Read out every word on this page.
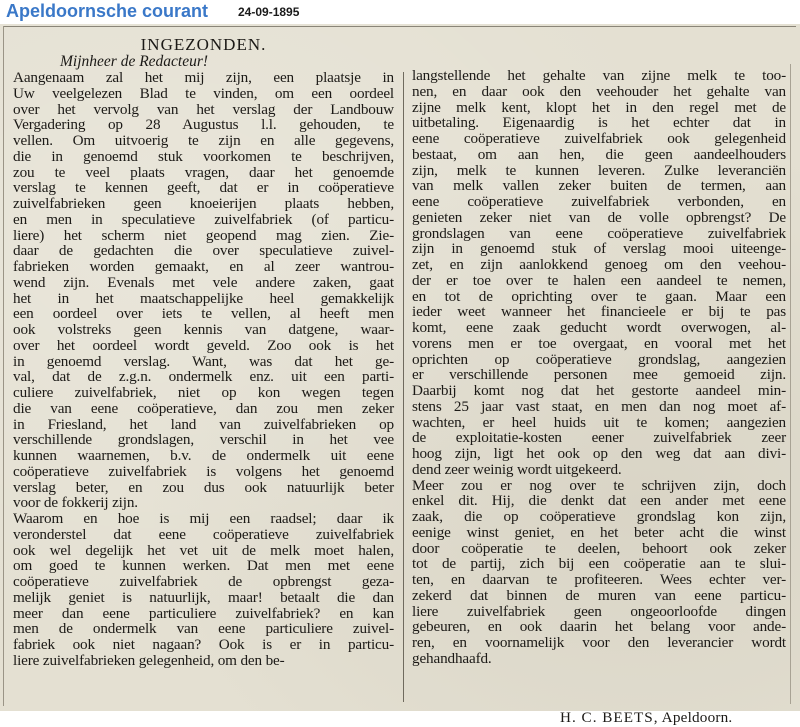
Apeldoornsche courant 24-09-1895
INGEZONDEN.
Mijnheer de Redacteur!
Aangenaam zal het mij zijn, een plaatsje in
Uw veelgelezen Blad te vinden, om een oordeel
over het vervolg van het verslag der Landbouw
Vergadering op 28 Augustus l.l. gehouden, te
vellen. Om uitvoerig te zijn en alle gegevens,
die in genoemd stuk voorkomen te beschrijven,
zou te veel plaats vragen, daar het genoemde
verslag te kennen geeft, dat er in coöperatieve
zuivelfabrieken geen knoeierijen plaats hebben,
en men in speculatieve zuivelfabriek (of particu-
liere) het scherm niet geopend mag zien. Zie-
daar de gedachten die over speculatieve zuivel-
fabrieken worden gemaakt, en al zeer wantrou-
wend zijn. Evenals met vele andere zaken, gaat
het in het maatschappelijke heel gemakkelijk
een oordeel over iets te vellen, al heeft men
ook volstreks geen kennis van datgene, waar-
over het oordeel wordt geveld. Zoo ook is het
in genoemd verslag. Want, was dat het ge-
val, dat de z.g.n. ondermelk enz. uit een parti-
culiere zuivelfabriek, niet op kon wegen tegen
die van eene coöperatieve, dan zou men zeker
in Friesland, het land van zuivelfabrieken op
verschillende grondslagen, verschil in het vee
kunnen waarnemen, b.v. de ondermelk uit eene
coöperatieve zuivelfabriek is volgens het genoemd
verslag beter, en zou dus ook natuurlijk beter
voor de fokkerij zijn.
Waarom en hoe is mij een raadsel; daar ik
veronderstel dat eene coöperatieve zuivelfabriek
ook wel degelijk het vet uit de melk moet halen,
om goed te kunnen werken. Dat men met eene
coöperatieve zuivelfabriek de opbrengst geza-
melijk geniet is natuurlijk, maar! betaalt die dan
meer dan eene particuliere zuivelfabriek? en kan
men de ondermelk van eene particuliere zuivel-
fabriek ook niet nagaan? Ook is er in particu-
liere zuivelfabrieken gelegenheid, om den be-
langstellende het gehalte van zijne melk te too-
nen, en daar ook den veehouder het gehalte van
zijne melk kent, klopt het in den regel met de
uitbetaling. Eigenaardig is het echter dat in
eene coöperatieve zuivelfabriek ook gelegenheid
bestaat, om aan hen, die geen aandeelhouders
zijn, melk te kunnen leveren. Zulke leveranciën
van melk vallen zeker buiten de termen, aan
eene coöperatieve zuivelfabriek verbonden, en
genieten zeker niet van de volle opbrengst? De
grondslagen van eene coöperatieve zuivelfabriek
zijn in genoemd stuk of verslag mooi uiteenge-
zet, en zijn aanlokkend genoeg om den veehou-
der er toe over te halen een aandeel te nemen,
en tot de oprichting over te gaan. Maar een
ieder weet wanneer het financieele er bij te pas
komt, eene zaak geducht wordt overwogen, al-
vorens men er toe overgaat, en vooral met het
oprichten op coöperatieve grondslag, aangezien
er verschillende personen mee gemoeid zijn.
Daarbij komt nog dat het gestorte aandeel min-
stens 25 jaar vast staat, en men dan nog moet af-
wachten, er heel huids uit te komen; aangezien
de exploitatie-kosten eener zuivelfabriek zeer
hoog zijn, ligt het ook op den weg dat aan divi-
dend zeer weinig wordt uitgekeerd.
Meer zou er nog over te schrijven zijn, doch
enkel dit. Hij, die denkt dat een ander met eene
zaak, die op coöperatieve grondslag kon zijn,
eenige winst geniet, en het beter acht die winst
door coöperatie te deelen, behoort ook zeker
tot de partij, zich bij een coöperatie aan te slui-
ten, en daarvan te profiteeren. Wees echter ver-
zekerd dat binnen de muren van eene particu-
liere zuivelfabriek geen ongeoorloofde dingen
gebeuren, en ook daarin het belang voor ande-
ren, en voornamelijk voor den leverancier wordt
gehandhaafd.
H. C. BEETS, Apeldoorn.
